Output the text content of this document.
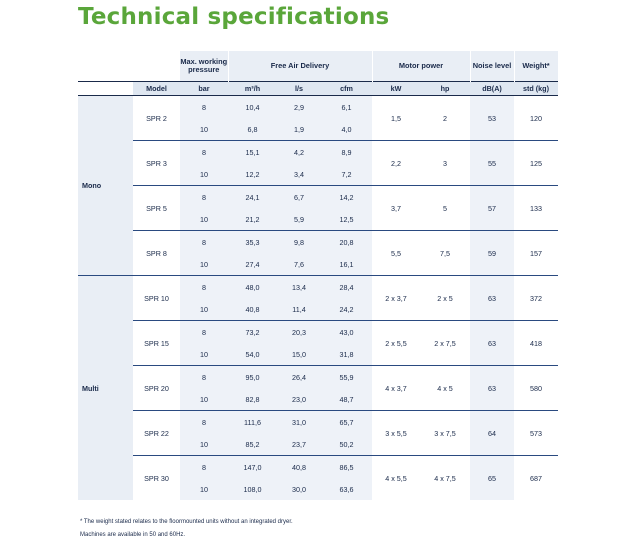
Technical specifications
		Max. working pressure	Free Air Delivery			Motor power		Noise level	Weight*
	Model	bar	m³/h	l/s	cfm	kW	hp	dB(A)	std (kg)
Mono	SPR 2	8	10,4	2,9	6,1	1,5	2	53	120
		10	6,8	1,9	4,0				
	SPR 3	8	15,1	4,2	8,9	2,2	3	55	125
		10	12,2	3,4	7,2				
	SPR 5	8	24,1	6,7	14,2	3,7	5	57	133
		10	21,2	5,9	12,5				
	SPR 8	8	35,3	9,8	20,8	5,5	7,5	59	157
		10	27,4	7,6	16,1				
Multi	SPR 10	8	48,0	13,4	28,4	2 x 3,7	2 x 5	63	372
		10	40,8	11,4	24,2				
	SPR 15	8	73,2	20,3	43,0	2 x 5,5	2 x 7,5	63	418
		10	54,0	15,0	31,8				
	SPR 20	8	95,0	26,4	55,9	4 x 3,7	4 x 5	63	580
		10	82,8	23,0	48,7				
	SPR 22	8	111,6	31,0	65,7	3 x 5,5	3 x 7,5	64	573
		10	85,2	23,7	50,2				
	SPR 30	8	147,0	40,8	86,5	4 x 5,5	4 x 7,5	65	687
		10	108,0	30,0	63,6				
* The weight stated relates to the floormounted units without an integrated dryer.
Machines are available in 50 and 60Hz.
